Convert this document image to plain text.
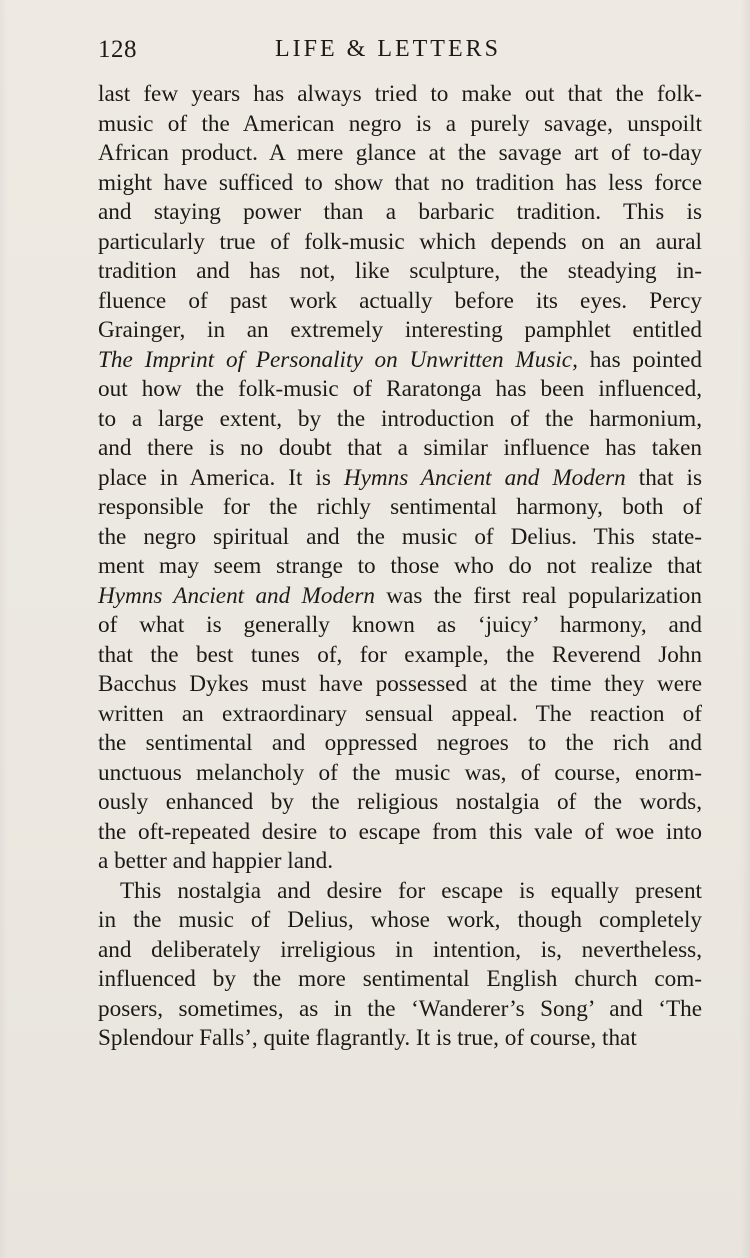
128	LIFE & LETTERS
last few years has always tried to make out that the folk-
music of the American negro is a purely savage, unspoilt
African product. A mere glance at the savage art of to-day
might have sufficed to show that no tradition has less force
and staying power than a barbaric tradition. This is
particularly true of folk-music which depends on an aural
tradition and has not, like sculpture, the steadying in-
fluence of past work actually before its eyes. Percy
Grainger, in an extremely interesting pamphlet entitled
The Imprint of Personality on Unwritten Music, has pointed
out how the folk-music of Raratonga has been influenced,
to a large extent, by the introduction of the harmonium,
and there is no doubt that a similar influence has taken
place in America. It is Hymns Ancient and Modern that is
responsible for the richly sentimental harmony, both of
the negro spiritual and the music of Delius. This state-
ment may seem strange to those who do not realize that
Hymns Ancient and Modern was the first real popularization
of what is generally known as ‘juicy’ harmony, and
that the best tunes of, for example, the Reverend John
Bacchus Dykes must have possessed at the time they were
written an extraordinary sensual appeal. The reaction of
the sentimental and oppressed negroes to the rich and
unctuous melancholy of the music was, of course, enorm-
ously enhanced by the religious nostalgia of the words,
the oft-repeated desire to escape from this vale of woe into
a better and happier land.
This nostalgia and desire for escape is equally present
in the music of Delius, whose work, though completely
and deliberately irreligious in intention, is, nevertheless,
influenced by the more sentimental English church com-
posers, sometimes, as in the ‘Wanderer’s Song’ and ‘The
Splendour Falls’, quite flagrantly. It is true, of course, that
